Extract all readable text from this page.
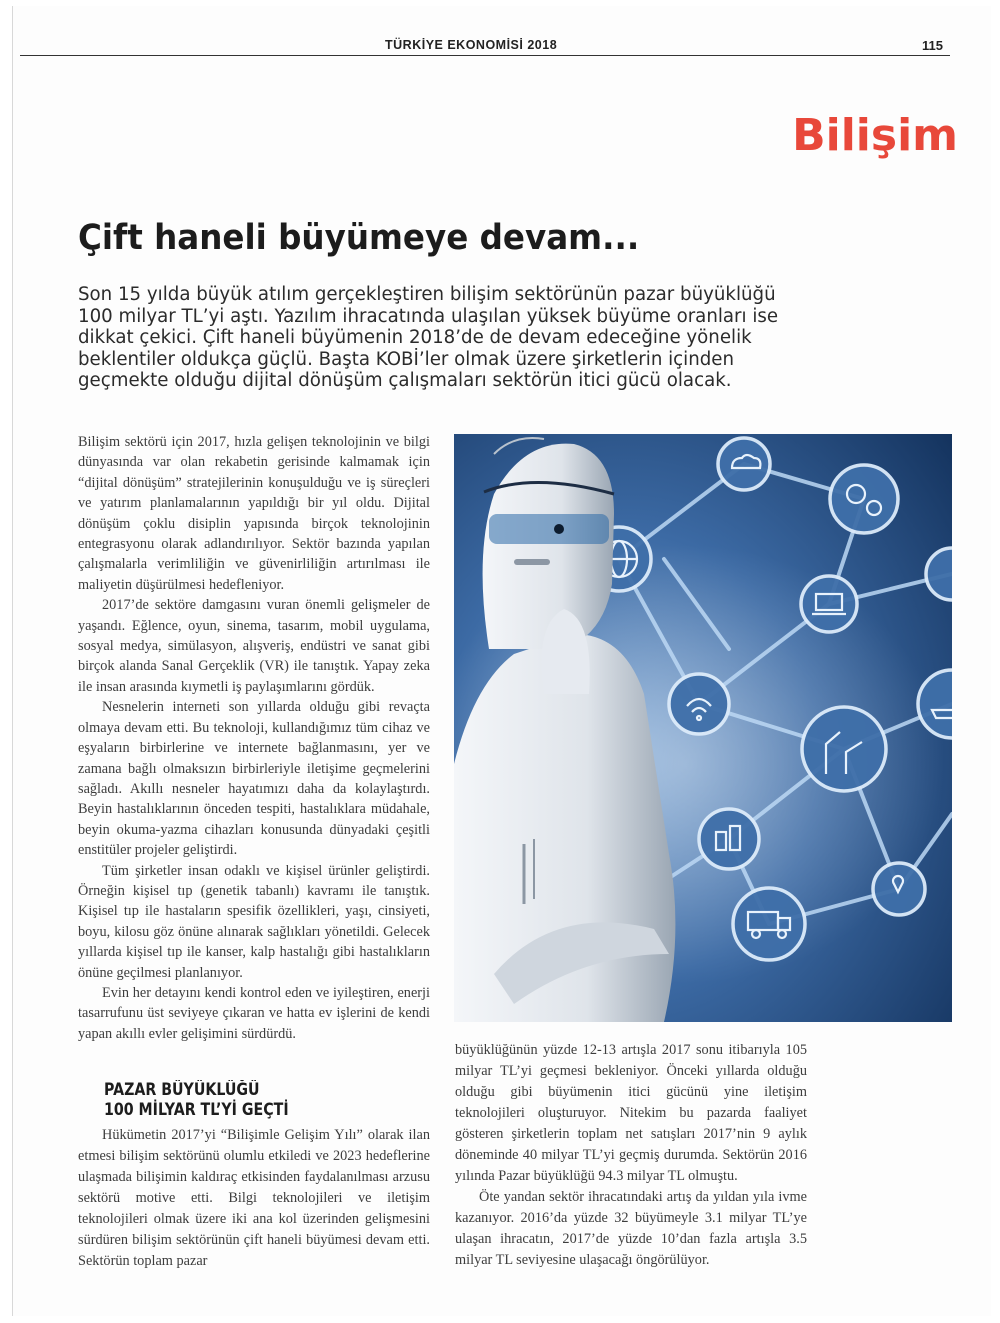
TÜRKİYE EKONOMİSİ 2018	115
Bilişim
Çift haneli büyümeye devam...
Son 15 yılda büyük atılım gerçekleştiren bilişim sektörünün pazar büyüklüğü 100 milyar TL’yi aştı. Yazılım ihracatında ulaşılan yüksek büyüme oranları ise dikkat çekici. Çift haneli büyümenin 2018’de de devam edeceğine yönelik beklentiler oldukça güçlü. Başta KOBİ’ler olmak üzere şirketlerin içinden geçmekte olduğu dijital dönüşüm çalışmaları sektörün itici gücü olacak.

Bilişim sektörü için 2017, hızla gelişen teknolojinin ve bilgi dünyasında var olan rekabetin gerisinde kalmamak için “dijital dönüşüm” stratejilerinin konuşulduğu ve iş süreçleri ve yatırım planlamalarının yapıldığı bir yıl oldu. Dijital dönüşüm çoklu disiplin yapısında birçok teknolojinin entegrasyonu olarak adlandırılıyor. Sektör bazında yapılan çalışmalarla verimliliğin ve güvenirliliğin artırılması ile maliyetin düşürülmesi hedefleniyor.

2017’de sektöre damgasını vuran önemli gelişmeler de yaşandı. Eğlence, oyun, sinema, tasarım, mobil uygulama, sosyal medya, simülasyon, alışveriş, endüstri ve sanat gibi birçok alanda Sanal Gerçeklik (VR) ile tanıştık. Yapay zeka ile insan arasında kıymetli iş paylaşımlarını gördük.

Nesnelerin interneti son yıllarda olduğu gibi revaçta olmaya devam etti. Bu teknoloji, kullandığımız tüm cihaz ve eşyaların birbirlerine ve internete bağlanmasını, yer ve zamana bağlı olmaksızın birbirleriyle iletişime geçmelerini sağladı. Akıllı nesneler hayatımızı daha da kolaylaştırdı. Beyin hastalıklarının önceden tespiti, hastalıklara müdahale, beyin okuma-yazma cihazları konusunda dünyadaki çeşitli enstitüler projeler geliştirdi.

Tüm şirketler insan odaklı ve kişisel ürünler geliştirdi. Örneğin kişisel tıp (genetik tabanlı) kavramı ile tanıştık. Kişisel tıp ile hastaların spesifik özellikleri, yaşı, cinsiyeti, boyu, kilosu göz önüne alınarak sağlıkları yönetildi. Gelecek yıllarda kişisel tıp ile kanser, kalp hastalığı gibi hastalıkların önüne geçilmesi planlanıyor.

Evin her detayını kendi kontrol eden ve iyileştiren, enerji tasarrufunu üst seviyeye çıkaran ve hatta ev işlerini de kendi yapan akıllı evler gelişimini sürdürdü.

PAZAR BÜYÜKLÜĞÜ
100 MİLYAR TL’Yİ GEÇTİ

Hükümetin 2017’yi “Bilişimle Gelişim Yılı” olarak ilan etmesi bilişim sektörünü olumlu etkiledi ve 2023 hedeflerine ulaşmada bilişimin kaldıraç etkisinden faydalanılması arzusu sektörü motive etti. Bilgi teknolojileri ve iletişim teknolojileri olmak üzere iki ana kol üzerinden gelişmesini sürdüren bilişim sektörünün çift haneli büyümesi devam etti. Sektörün toplam pazar

büyüklüğünün yüzde 12-13 artışla 2017 sonu itibarıyla 105 milyar TL’yi geçmesi bekleniyor. Önceki yıllarda olduğu olduğu gibi büyümenin itici gücünü yine iletişim teknolojileri oluşturuyor. Nitekim bu pazarda faaliyet gösteren şirketlerin toplam net satışları 2017’nin 9 aylık döneminde 40 milyar TL’yi geçmiş durumda. Sektörün 2016 yılında Pazar büyüklüğü 94.3 milyar TL olmuştu.

Öte yandan sektör ihracatındaki artış da yıldan yıla ivme kazanıyor. 2016’da yüzde 32 büyümeyle 3.1 milyar TL’ye ulaşan ihracatın, 2017’de yüzde 10’dan fazla artışla 3.5 milyar TL seviyesine ulaşacağı öngörülüyor.
